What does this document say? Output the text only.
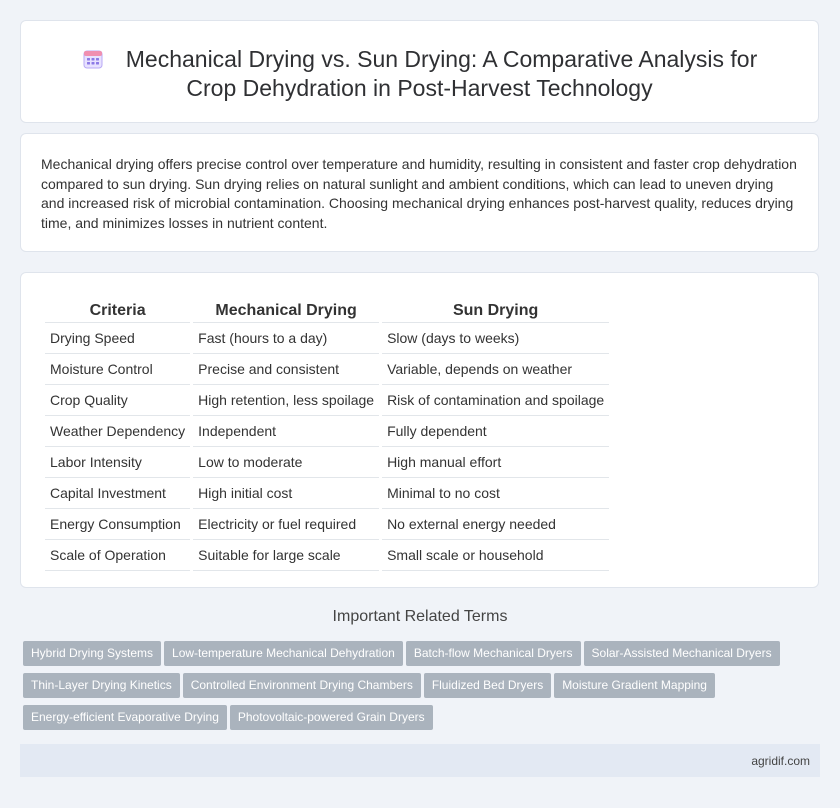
Mechanical Drying vs. Sun Drying: A Comparative Analysis for
Crop Dehydration in Post-Harvest Technology
Mechanical drying offers precise control over temperature and humidity, resulting in consistent and faster crop dehydration compared to sun drying. Sun drying relies on natural sunlight and ambient conditions, which can lead to uneven drying and increased risk of microbial contamination. Choosing mechanical drying enhances post-harvest quality, reduces drying time, and minimizes losses in nutrient content.
Criteria	Mechanical Drying	Sun Drying
Drying Speed	Fast (hours to a day)	Slow (days to weeks)
Moisture Control	Precise and consistent	Variable, depends on weather
Crop Quality	High retention, less spoilage	Risk of contamination and spoilage
Weather Dependency	Independent	Fully dependent
Labor Intensity	Low to moderate	High manual effort
Capital Investment	High initial cost	Minimal to no cost
Energy Consumption	Electricity or fuel required	No external energy needed
Scale of Operation	Suitable for large scale	Small scale or household
Important Related Terms
Hybrid Drying Systems Low-temperature Mechanical Dehydration Batch-flow Mechanical Dryers Solar-Assisted Mechanical Dryers
Thin-Layer Drying Kinetics Controlled Environment Drying Chambers Fluidized Bed Dryers Moisture Gradient Mapping
Energy-efficient Evaporative Drying Photovoltaic-powered Grain Dryers
agridif.com
